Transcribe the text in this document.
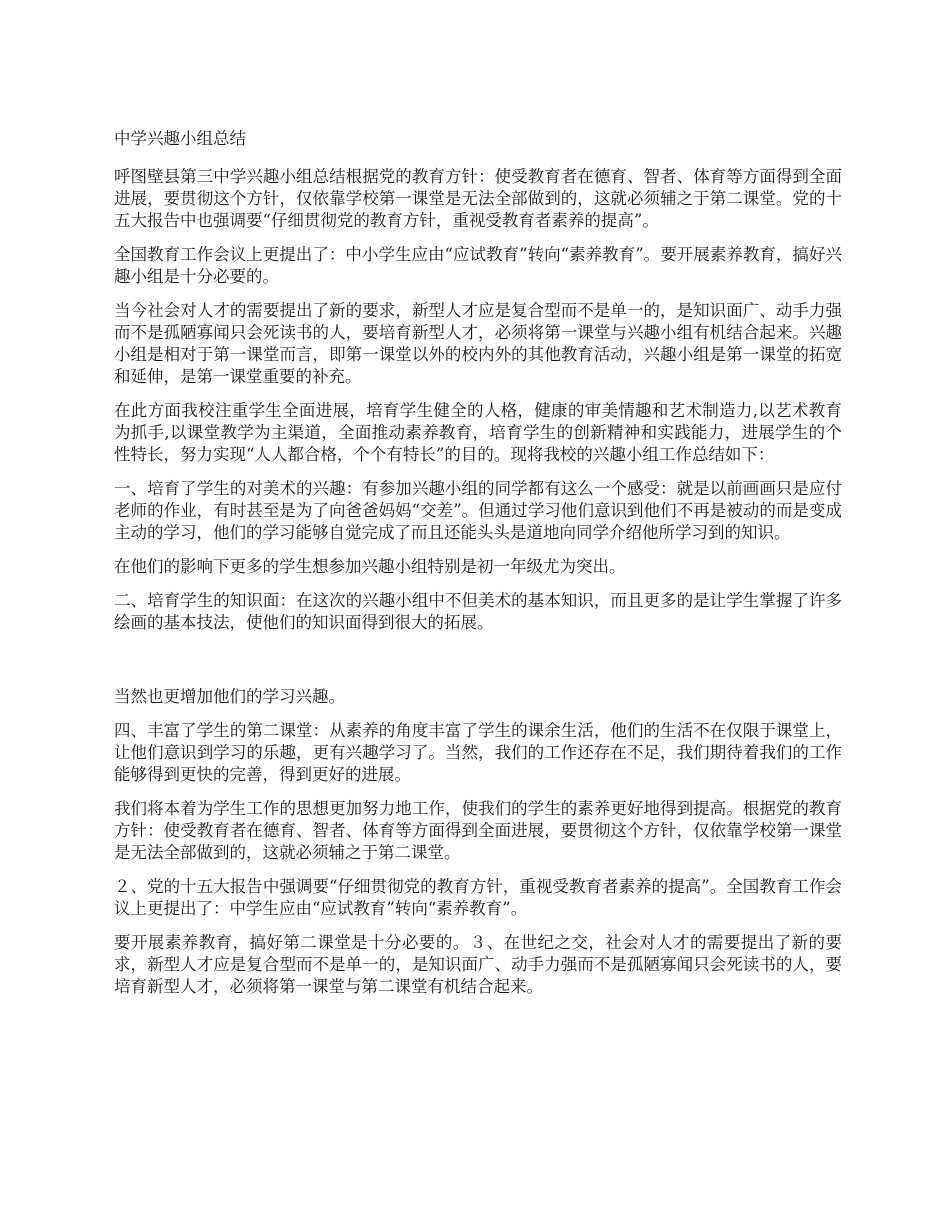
中学兴趣小组总结

呼图壁县第三中学兴趣小组总结根据党的教育方针：使受教育者在德育、智者、体育等方面得到全面进展，要贯彻这个方针，仅依靠学校第一课堂是无法全部做到的，这就必须辅之于第二课堂。党的十五大报告中也强调要“仔细贯彻党的教育方针，重视受教育者素养的提高”。

全国教育工作会议上更提出了：中小学生应由“应试教育”转向“素养教育”。要开展素养教育，搞好兴趣小组是十分必要的。

当今社会对人才的需要提出了新的要求，新型人才应是复合型而不是单一的，是知识面广、动手力强而不是孤陋寡闻只会死读书的人，要培育新型人才，必须将第一课堂与兴趣小组有机结合起来。兴趣小组是相对于第一课堂而言，即第一课堂以外的校内外的其他教育活动，兴趣小组是第一课堂的拓宽和延伸，是第一课堂重要的补充。

在此方面我校注重学生全面进展，培育学生健全的人格，健康的审美情趣和艺术制造力,以艺术教育为抓手,以课堂教学为主渠道，全面推动素养教育，培育学生的创新精神和实践能力，进展学生的个性特长，努力实现“人人都合格，个个有特长”的目的。现将我校的兴趣小组工作总结如下：

一、培育了学生的对美术的兴趣：有参加兴趣小组的同学都有这么一个感受：就是以前画画只是应付老师的作业，有时甚至是为了向爸爸妈妈“交差”。但通过学习他们意识到他们不再是被动的而是变成主动的学习，他们的学习能够自觉完成了而且还能头头是道地向同学介绍他所学习到的知识。

在他们的影响下更多的学生想参加兴趣小组特别是初一年级尤为突出。

二、培育学生的知识面：在这次的兴趣小组中不但美术的基本知识，而且更多的是让学生掌握了许多绘画的基本技法，使他们的知识面得到很大的拓展。

当然也更增加他们的学习兴趣。

四、丰富了学生的第二课堂：从素养的角度丰富了学生的课余生活，他们的生活不在仅限于课堂上，让他们意识到学习的乐趣，更有兴趣学习了。当然，我们的工作还存在不足，我们期待着我们的工作能够得到更快的完善，得到更好的进展。

我们将本着为学生工作的思想更加努力地工作，使我们的学生的素养更好地得到提高。根据党的教育方针：使受教育者在德育、智者、体育等方面得到全面进展，要贯彻这个方针，仅依靠学校第一课堂是无法全部做到的，这就必须辅之于第二课堂。

２、党的十五大报告中强调要“仔细贯彻党的教育方针，重视受教育者素养的提高”。全国教育工作会议上更提出了：中学生应由“应试教育”转向“素养教育”。

要开展素养教育，搞好第二课堂是十分必要的。３、在世纪之交，社会对人才的需要提出了新的要求，新型人才应是复合型而不是单一的，是知识面广、动手力强而不是孤陋寡闻只会死读书的人，要培育新型人才，必须将第一课堂与第二课堂有机结合起来。
